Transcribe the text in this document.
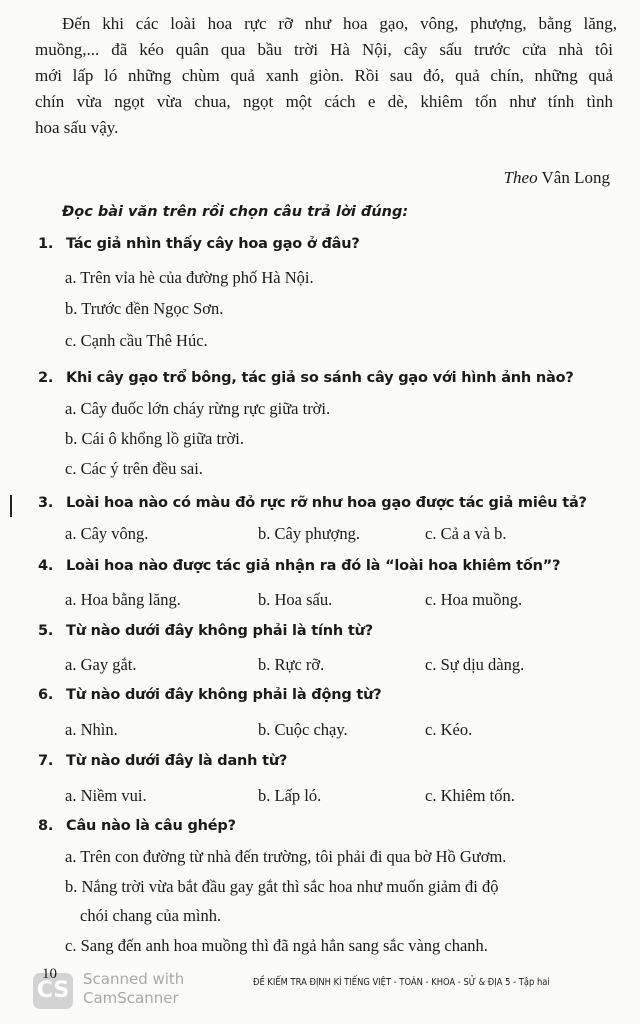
Đến khi các loài hoa rực rỡ như hoa gạo, vông, phượng, bằng lăng,
muồng,... đã kéo quân qua bầu trời Hà Nội, cây sấu trước cửa nhà tôi
mới lấp ló những chùm quả xanh giòn. Rồi sau đó, quả chín, những quả
chín vừa ngọt vừa chua, ngọt một cách e dè, khiêm tốn như tính tình
hoa sấu vậy.
Theo Vân Long
Đọc bài văn trên rồi chọn câu trả lời đúng:
1. Tác giả nhìn thấy cây hoa gạo ở đâu?
a. Trên vỉa hè của đường phố Hà Nội.
b. Trước đền Ngọc Sơn.
c. Cạnh cầu Thê Húc.
2. Khi cây gạo trổ bông, tác giả so sánh cây gạo với hình ảnh nào?
a. Cây đuốc lớn cháy rừng rực giữa trời.
b. Cái ô khổng lồ giữa trời.
c. Các ý trên đều sai.
3. Loài hoa nào có màu đỏ rực rỡ như hoa gạo được tác giả miêu tả?
a. Cây vông.	b. Cây phượng.	c. Cả a và b.
4. Loài hoa nào được tác giả nhận ra đó là “loài hoa khiêm tốn”?
a. Hoa bằng lăng.	b. Hoa sấu.	c. Hoa muồng.
5. Từ nào dưới đây không phải là tính từ?
a. Gay gắt.	b. Rực rỡ.	c. Sự dịu dàng.
6. Từ nào dưới đây không phải là động từ?
a. Nhìn.	b. Cuộc chạy.	c. Kéo.
7. Từ nào dưới đây là danh từ?
a. Niềm vui.	b. Lấp ló.	c. Khiêm tốn.
8. Câu nào là câu ghép?
a. Trên con đường từ nhà đến trường, tôi phải đi qua bờ Hồ Gươm.
b. Nắng trời vừa bắt đầu gay gắt thì sắc hoa như muốn giảm đi độ
chói chang của mình.
c. Sang đến anh hoa muồng thì đã ngả hẳn sang sắc vàng chanh.
CS
10 Scanned with
CamScanner
ĐỀ KIỂM TRA ĐỊNH KÌ TIẾNG VIỆT - TOÁN - KHOA - SỬ & ĐỊA 5 - Tập hai
